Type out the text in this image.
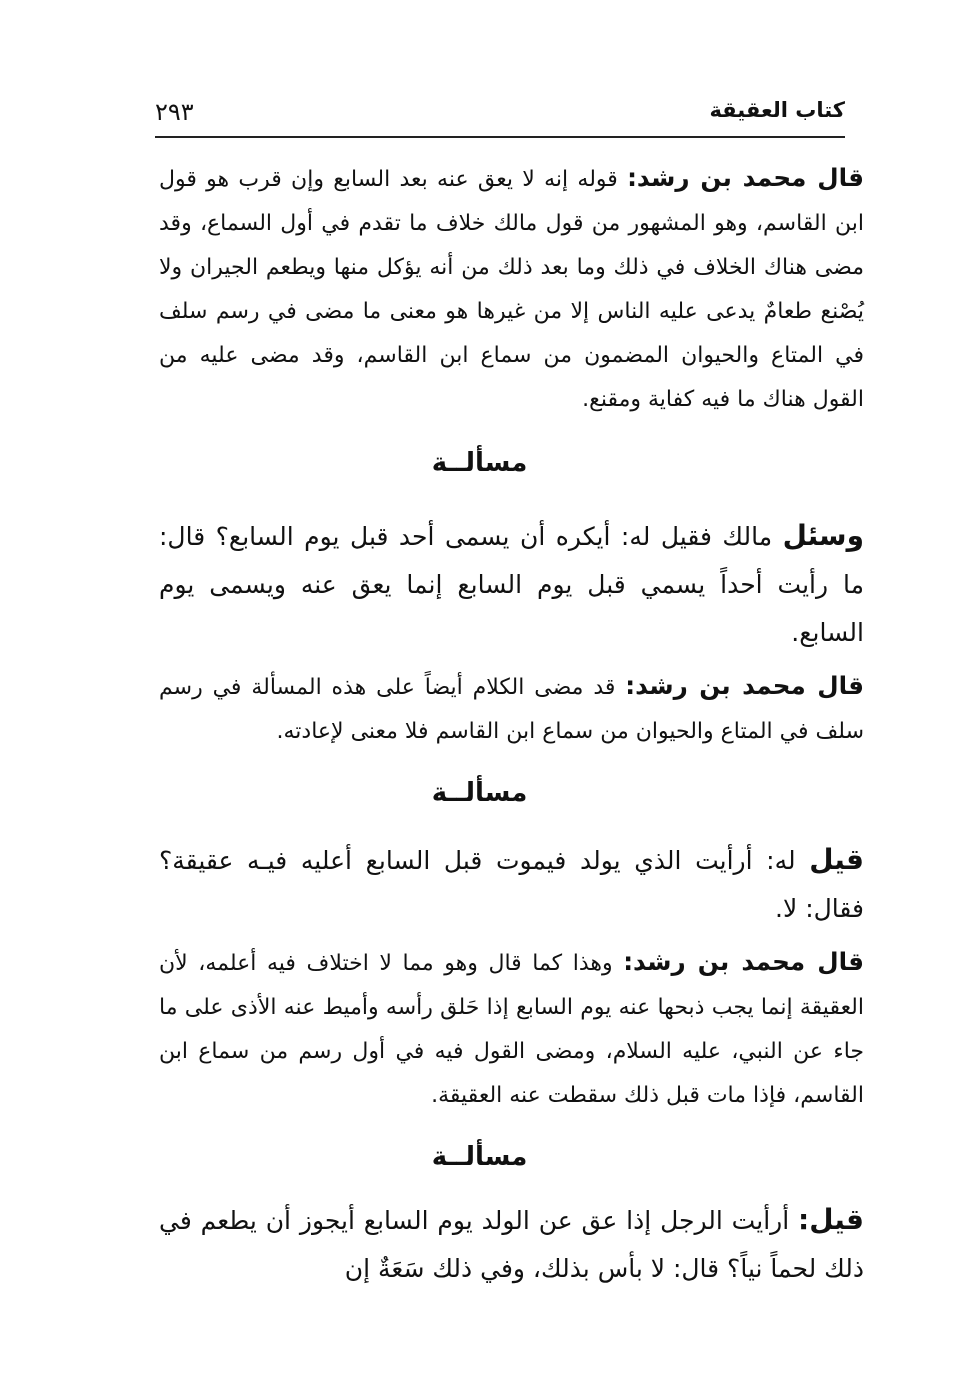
كتاب العقيقة
٢٩٣
قال محمد بن رشد: قوله إنه لا يعق عنه بعد السابع وإن قرب هو قول ابن القاسم، وهو المشهور من قول مالك خلاف ما تقدم في أول السماع، وقد مضى هناك الخلاف في ذلك وما بعد ذلك من أنه يؤكل منها ويطعم الجيران ولا يُصْنع طعامٌ يدعى عليه الناس إلا من غيرها هو معنى ما مضى في رسم سلف في المتاع والحيوان المضمون من سماع ابن القاسم، وقد مضى عليه من القول هناك ما فيه كفاية ومقنع.
مسألــة
وسئل مالك فقيل له: أيكره أن يسمى أحد قبل يوم السابع؟ قال: ما رأيت أحداً يسمي قبل يوم السابع إنما يعق عنه ويسمى يوم السابع.
قال محمد بن رشد: قد مضى الكلام أيضاً على هذه المسألة في رسم سلف في المتاع والحيوان من سماع ابن القاسم فلا معنى لإعادته.
مسألــة
قيل له: أرأيت الذي يولد فيموت قبل السابع أعليه فيـه عقيقة؟ فقال: لا.
قال محمد بن رشد: وهذا كما قال وهو مما لا اختلاف فيه أعلمه، لأن العقيقة إنما يجب ذبحها عنه يوم السابع إذا حَلق رأسه وأميط عنه الأذى على ما جاء عن النبي، عليه السلام، ومضى القول فيه في أول رسم من سماع ابن القاسم، فإذا مات قبل ذلك سقطت عنه العقيقة.
مسألــة
قيل: أرأيت الرجل إذا عق عن الولد يوم السابع أيجوز أن يطعم في ذلك لحماً نياً؟ قال: لا بأس بذلك، وفي ذلك سَعَةٌ إن
